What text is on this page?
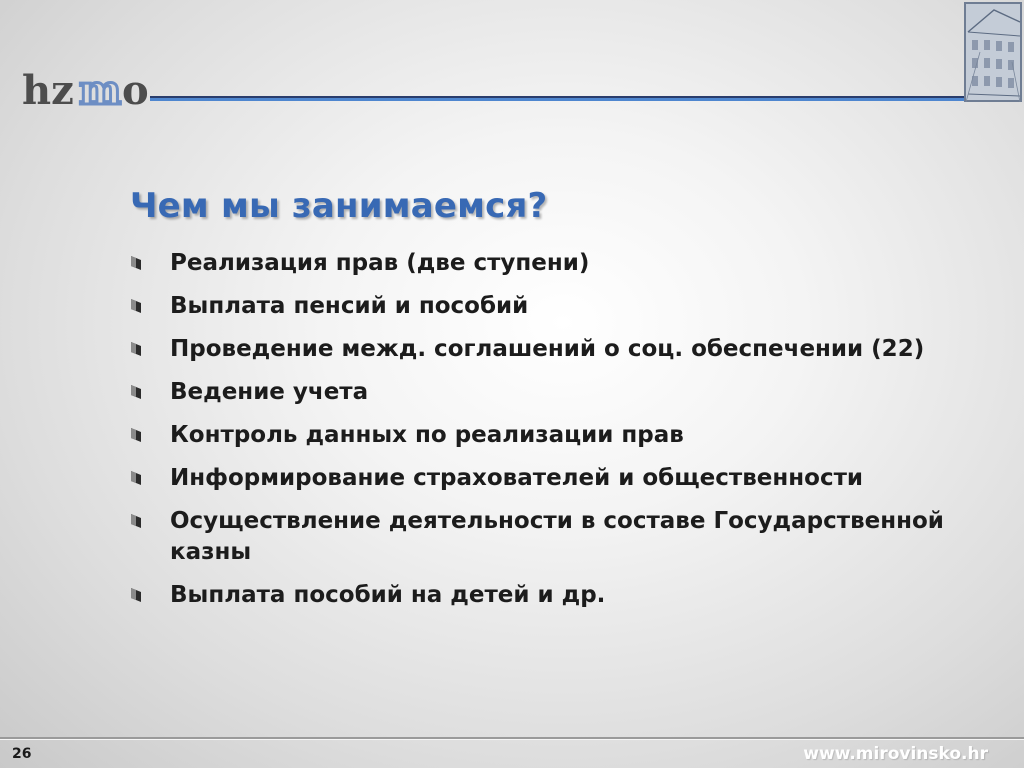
hz m o
Чем мы занимаемся?
Реализация прав (две ступени)
Выплата пенсий и пособий
Проведение межд. соглашений о соц. обеспечении (22)
Ведение учета
Контроль данных по реализации прав
Информирование страхователей и общественности
Осуществление деятельности в составе Государственной казны
Выплата пособий на детей и др.
26	www.mirovinsko.hr
